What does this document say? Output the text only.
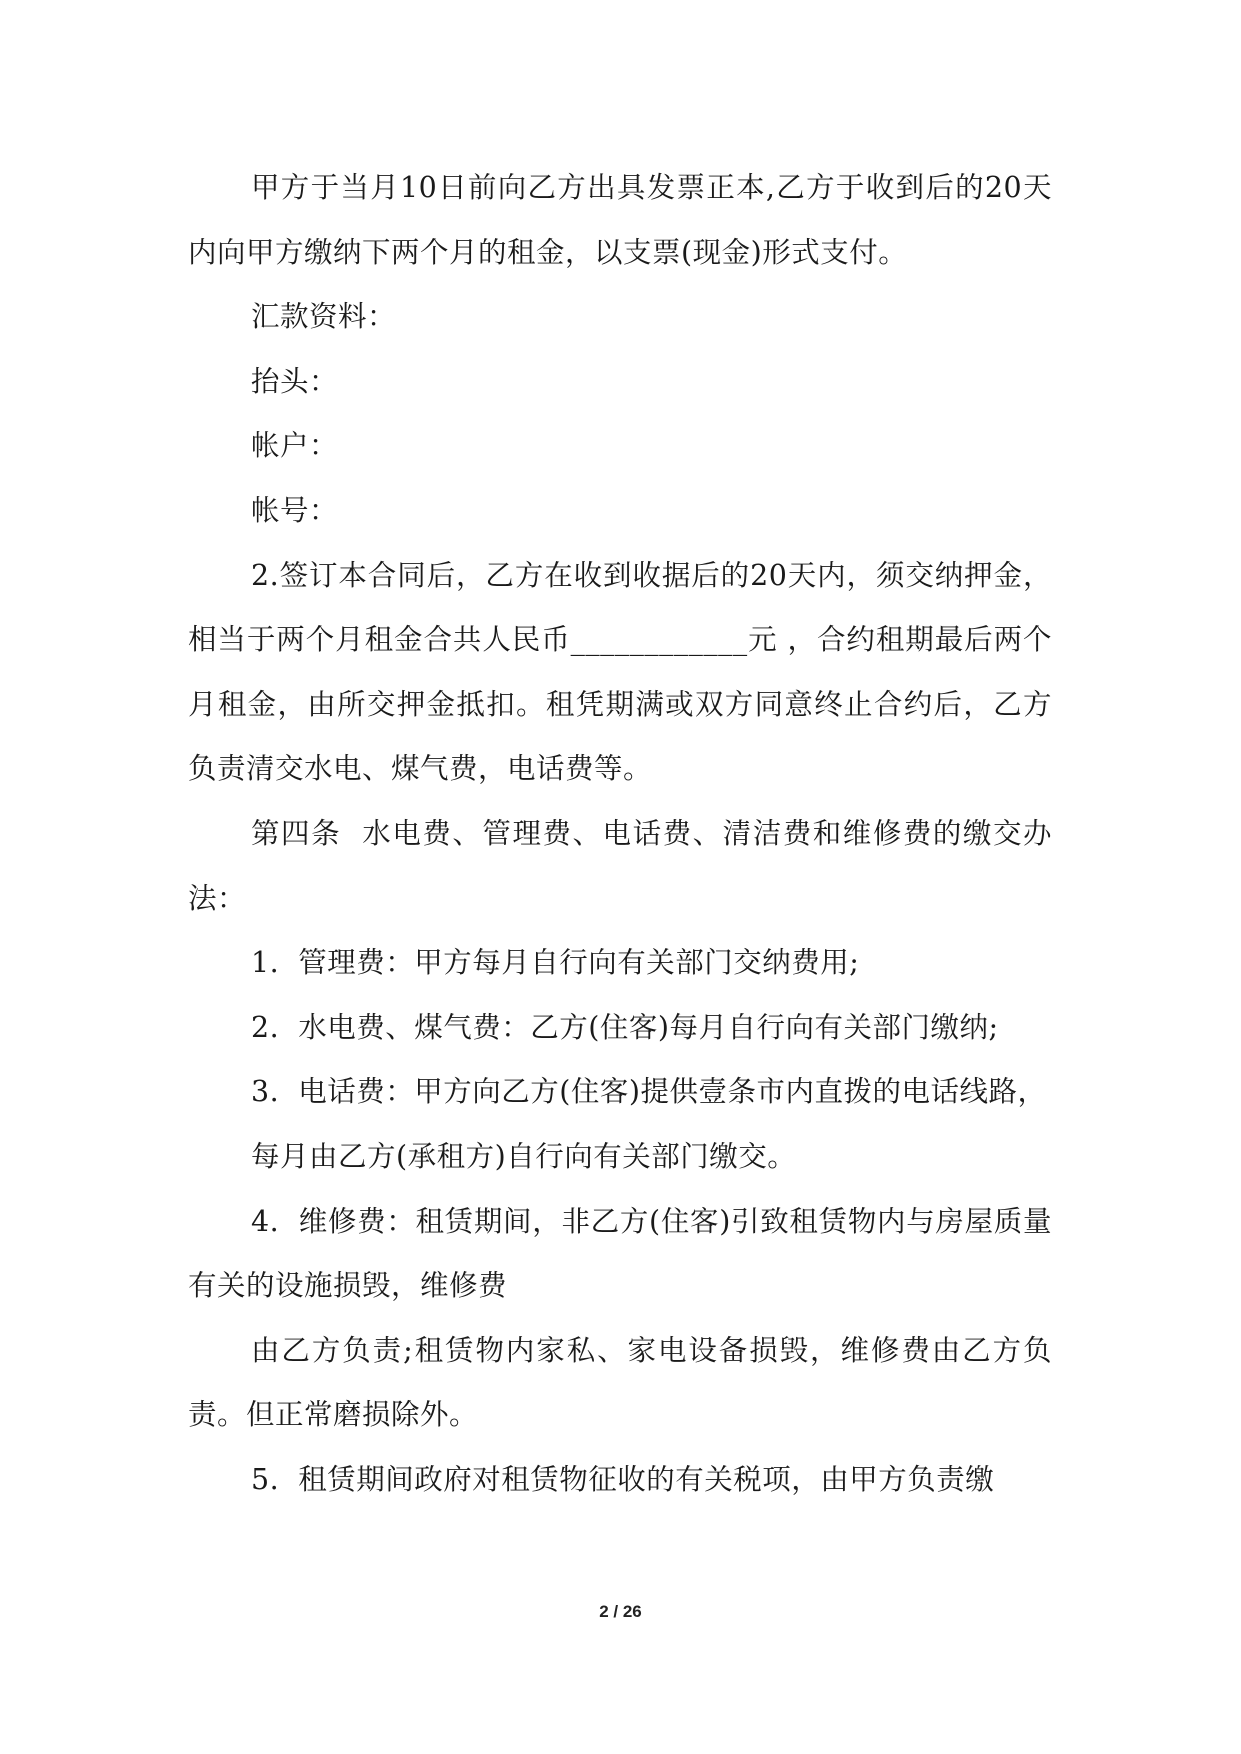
甲方于当月10日前向乙方出具发票正本,乙方于收到后的20天内向甲方缴纳下两个月的租金，以支票(现金)形式支付。

汇款资料：

抬头：

帐户：

帐号：

2.签订本合同后，乙方在收到收据后的20天内，须交纳押金，相当于两个月租金合共人民币____________元 ，合约租期最后两个月租金，由所交押金抵扣。租凭期满或双方同意终止合约后，乙方负责清交水电、煤气费，电话费等。

第四条  水电费、管理费、电话费、清洁费和维修费的缴交办法：

1.  管理费：甲方每月自行向有关部门交纳费用;

2.  水电费、煤气费：乙方(住客)每月自行向有关部门缴纳;

3.  电话费：甲方向乙方(住客)提供壹条市内直拨的电话线路，

每月由乙方(承租方)自行向有关部门缴交。

4.  维修费：租赁期间，非乙方(住客)引致租赁物内与房屋质量有关的设施损毁，维修费

由乙方负责;租赁物内家私、家电设备损毁，维修费由乙方负责。但正常磨损除外。

5.  租赁期间政府对租赁物征收的有关税项，由甲方负责缴

2 / 26
